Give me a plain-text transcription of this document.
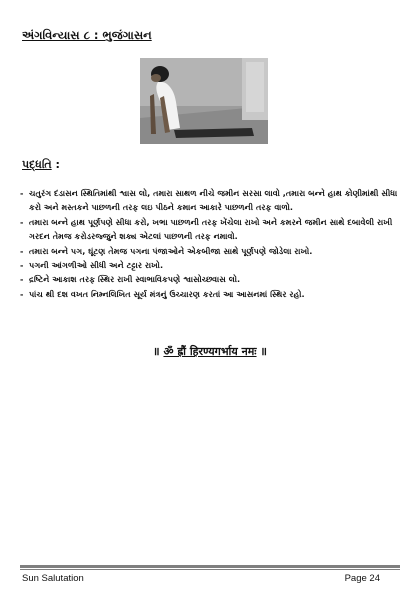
અંગવિન્યાસ ૮ : ભુજંગાસન
પદ્ધતિ :
- ચતુરંગ દંડાસન સ્થિતિમાંથી શ્વાસ લો, તમારા સાથળ નીચે જમીન સરસા લાવો ,તમારા બન્ને હાથ કોણીમાંથી સીધા કરો અને મસ્તકને પાછળની તરફ લઇ પીઠને કમાન આકારે પાછળની તરફ વાળો.
- તમારા બન્ને હાથ પૂર્ણપણે સીધા કરો, ખભા પાછળની તરફ ખેંચેલા રાખો અને કમરને જમીન સાથે દબાવેલી રાખી ગરદન તેમજ કરોડરજ્જુને શક્ય એટલાં પાછળની તરફ નમાવો.
- તમારા બન્ને પગ, ઘૂંટણ તેમજ પગના પંજાઓને એકબીજા સાથે પૂર્ણપણે જોડેલા રાખો.
- પગની આંગળીઓ સીધી અને ટટ્ટાર રાખો.
- દ્રષ્ટિને આકાશ તરફ સ્થિર રાખી સ્વાભાવિકપણે શ્વાસોચ્છ્વાસ લો.
- પાંચ થી દશ વખત નિમ્નલિખિત સૂર્ય મંત્રનું ઉચ્ચારણ કરતાં આ આસનમાં સ્થિર રહો.
॥ ॐ ह्रौं हिरण्यगर्भाय नमः ॥
Sun Salutation	Page 24
